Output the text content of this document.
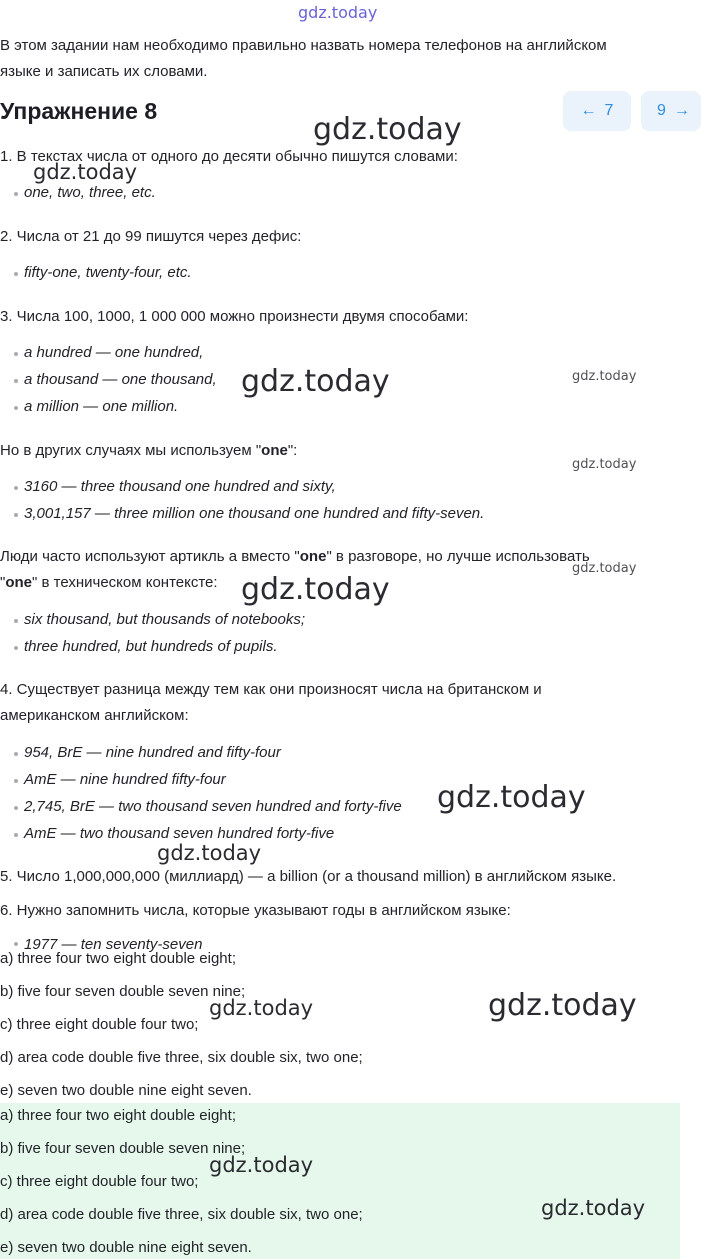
gdz.today
В этом задании нам необходимо правильно назвать номера телефонов на английском
языке и записать их словами.
Упражнение 8	← 7	9 →
1. В текстах числа от одного до десяти обычно пишутся словами:
one, two, three, etc.
2. Числа от 21 до 99 пишутся через дефис:
fifty-one, twenty-four, etc.
3. Числа 100, 1000, 1 000 000 можно произнести двумя способами:
a hundred — one hundred,
a thousand — one thousand,
a million — one million.
Но в других случаях мы используем "one":
3160 — three thousand one hundred and sixty,
3,001,157 — three million one thousand one hundred and fifty-seven.
Люди часто используют артикль a вместо "one" в разговоре, но лучше использовать
"one" в техническом контексте:
six thousand, but thousands of notebooks;
three hundred, but hundreds of pupils.
4. Существует разница между тем как они произносят числа на британском и
американском английском:
954, BrE — nine hundred and fifty-four
AmE — nine hundred fifty-four
2,745, BrE — two thousand seven hundred and forty-five
AmE — two thousand seven hundred forty-five
5. Число 1,000,000,000 (миллиард) — a billion (or a thousand million) в английском языке.
6. Нужно запомнить числа, которые указывают годы в английском языке:
1977 — ten seventy-seven
a) three four two eight double eight;
b) five four seven double seven nine;
c) three eight double four two;
d) area code double five three, six double six, two one;
e) seven two double nine eight seven.
a) three four two eight double eight;
b) five four seven double seven nine;
c) three eight double four two;
d) area code double five three, six double six, two one;
e) seven two double nine eight seven.
gdz.today
gdz.today
gdz.today	gdz.today
gdz.today
gdz.today
gdz.today
gdz.today
gdz.today
gdz.today
gdz.today
gdz.today
gdz.today
